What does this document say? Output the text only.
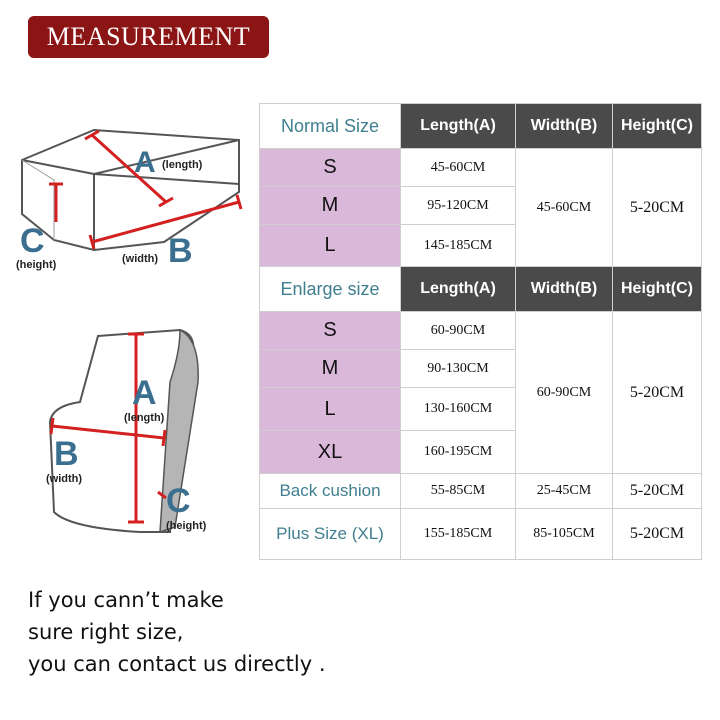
MEASUREMENT
A (length)
B
(width)
C
(height)
A
(length)
B
(width)
C
(height)
Normal Size	Length(A)	Width(B)	Height(C)
S	45-60CM	45-60CM	5-20CM
M	95-120CM		
L	145-185CM		
Enlarge size	Length(A)	Width(B)	Height(C)
S	60-90CM	60-90CM	5-20CM
M	90-130CM		
L	130-160CM		
XL	160-195CM		
Back cushion	55-85CM	25-45CM	5-20CM
Plus Size (XL)	155-185CM	85-105CM	5-20CM
If you cann’t make
sure right size,
you can contact us directly .
